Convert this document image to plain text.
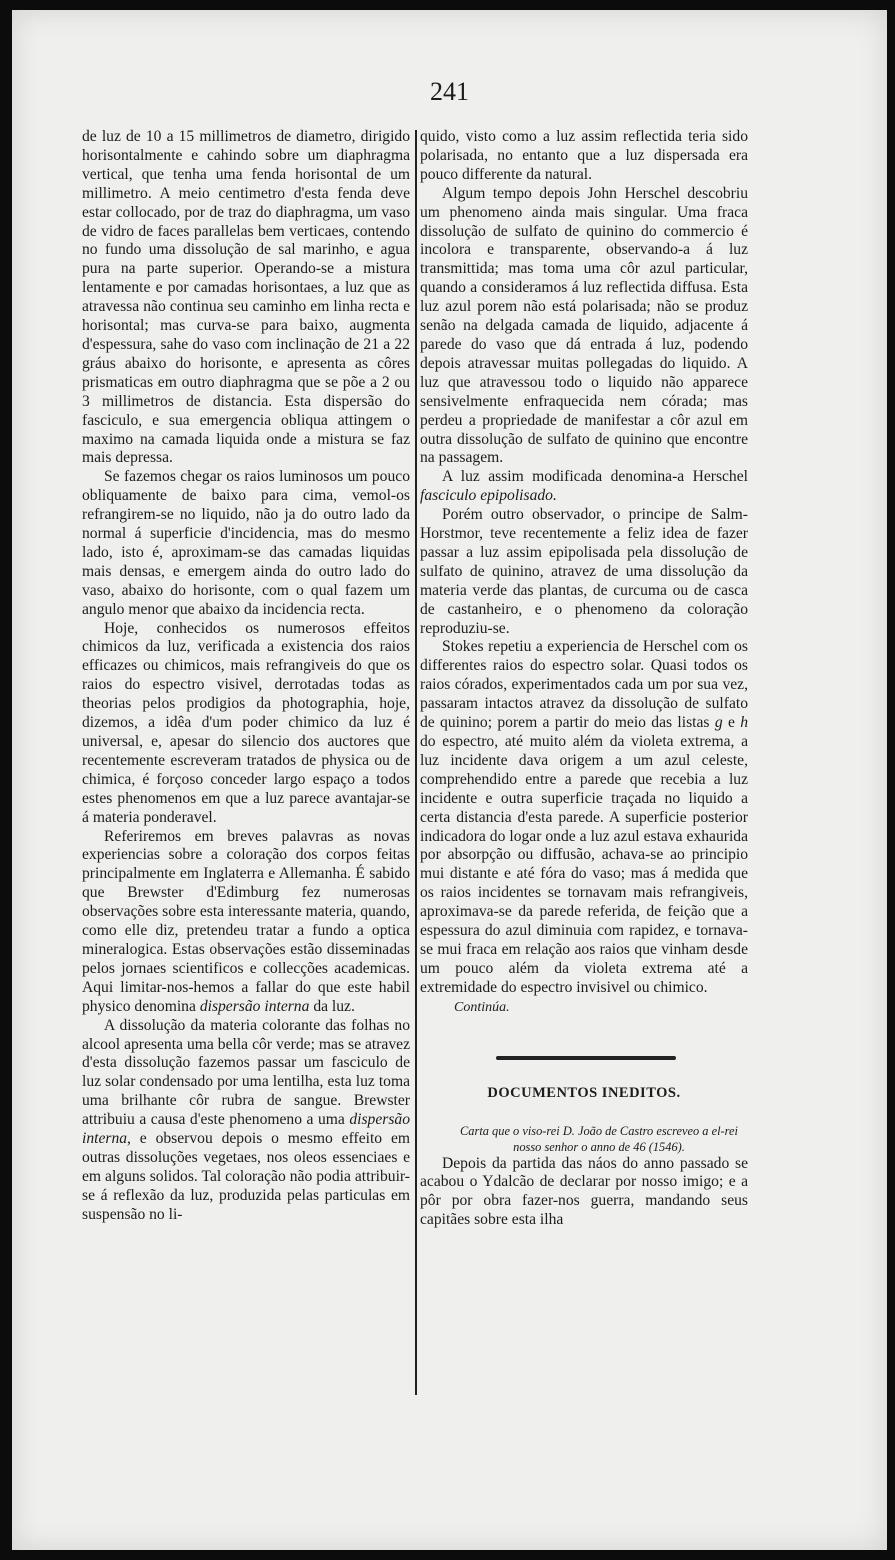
241

de luz de 10 a 15 millimetros de diametro, dirigido horisontalmente e cahindo sobre um diaphragma vertical, que tenha uma fenda horisontal de um millimetro. A meio centimetro d'esta fenda deve estar collocado, por de traz do diaphragma, um vaso de vidro de faces parallelas bem verticaes, contendo no fundo uma dissolução de sal marinho, e agua pura na parte superior. Operando-se a mistura lentamente e por camadas horisontaes, a luz que as atravessa não continua seu caminho em linha recta e horisontal; mas curva-se para baixo, augmenta d'espessura, sahe do vaso com inclinação de 21 a 22 gráus abaixo do horisonte, e apresenta as côres prismaticas em outro diaphragma que se põe a 2 ou 3 millimetros de distancia. Esta dispersão do fasciculo, e sua emergencia obliqua attingem o maximo na camada liquida onde a mistura se faz mais depressa.

Se fazemos chegar os raios luminosos um pouco obliquamente de baixo para cima, vemol-os refrangirem-se no liquido, não ja do outro lado da normal á superficie d'incidencia, mas do mesmo lado, isto é, aproximam-se das camadas liquidas mais densas, e emergem ainda do outro lado do vaso, abaixo do horisonte, com o qual fazem um angulo menor que abaixo da incidencia recta.

Hoje, conhecidos os numerosos effeitos chimicos da luz, verificada a existencia dos raios efficazes ou chimicos, mais refrangiveis do que os raios do espectro visivel, derrotadas todas as theorias pelos prodigios da photographia, hoje, dizemos, a idêa d'um poder chimico da luz é universal, e, apesar do silencio dos auctores que recentemente escreveram tratados de physica ou de chimica, é forçoso conceder largo espaço a todos estes phenomenos em que a luz parece avantajar-se á materia ponderavel.

Referiremos em breves palavras as novas experiencias sobre a coloração dos corpos feitas principalmente em Inglaterra e Allemanha. É sabido que Brewster d'Edimburg fez numerosas observações sobre esta interessante materia, quando, como elle diz, pretendeu tratar a fundo a optica mineralogica. Estas observações estão disseminadas pelos jornaes scientificos e collecções academicas. Aqui limitar-nos-hemos a fallar do que este habil physico denomina dispersão interna da luz.

A dissolução da materia colorante das folhas no alcool apresenta uma bella côr verde; mas se atravez d'esta dissolução fazemos passar um fasciculo de luz solar condensado por uma lentilha, esta luz toma uma brilhante côr rubra de sangue. Brewster attribuiu a causa d'este phenomeno a uma dispersão interna, e observou depois o mesmo effeito em outras dissoluções vegetaes, nos oleos essenciaes e em alguns solidos. Tal coloração não podia attribuir-se á reflexão da luz, produzida pelas particulas em suspensão no li-

quido, visto como a luz assim reflectida teria sido polarisada, no entanto que a luz dispersada era pouco differente da natural.

Algum tempo depois John Herschel descobriu um phenomeno ainda mais singular. Uma fraca dissolução de sulfato de quinino do commercio é incolora e transparente, observando-a á luz transmittida; mas toma uma côr azul particular, quando a consideramos á luz reflectida diffusa. Esta luz azul porem não está polarisada; não se produz senão na delgada camada de liquido, adjacente á parede do vaso que dá entrada á luz, podendo depois atravessar muitas pollegadas do liquido. A luz que atravessou todo o liquido não apparece sensivelmente enfraquecida nem córada; mas perdeu a propriedade de manifestar a côr azul em outra dissolução de sulfato de quinino que encontre na passagem.

A luz assim modificada denomina-a Herschel fasciculo epipolisado.

Porém outro observador, o principe de Salm-Horstmor, teve recentemente a feliz idea de fazer passar a luz assim epipolisada pela dissolução de sulfato de quinino, atravez de uma dissolução da materia verde das plantas, de curcuma ou de casca de castanheiro, e o phenomeno da coloração reproduziu-se.

Stokes repetiu a experiencia de Herschel com os differentes raios do espectro solar. Quasi todos os raios córados, experimentados cada um por sua vez, passaram intactos atravez da dissolução de sulfato de quinino; porem a partir do meio das listas g e h do espectro, até muito além da violeta extrema, a luz incidente dava origem a um azul celeste, comprehendido entre a parede que recebia a luz incidente e outra superficie traçada no liquido a certa distancia d'esta parede. A superficie posterior indicadora do logar onde a luz azul estava exhaurida por absorpção ou diffusão, achava-se ao principio mui distante e até fóra do vaso; mas á medida que os raios incidentes se tornavam mais refrangiveis, aproximava-se da parede referida, de feição que a espessura do azul diminuia com rapidez, e tornava-se mui fraca em relação aos raios que vinham desde um pouco além da violeta extrema até a extremidade do espectro invisivel ou chimico.

Continúa.
DOCUMENTOS INEDITOS.
Carta que o viso-rei D. João de Castro escreveo a el-rei nosso senhor o anno de 46 (1546).

Depois da partida das náos do anno passado se acabou o Ydalcão de declarar por nosso imigo; e a pôr por obra fazer-nos guerra, mandando seus capitães sobre esta ilha
